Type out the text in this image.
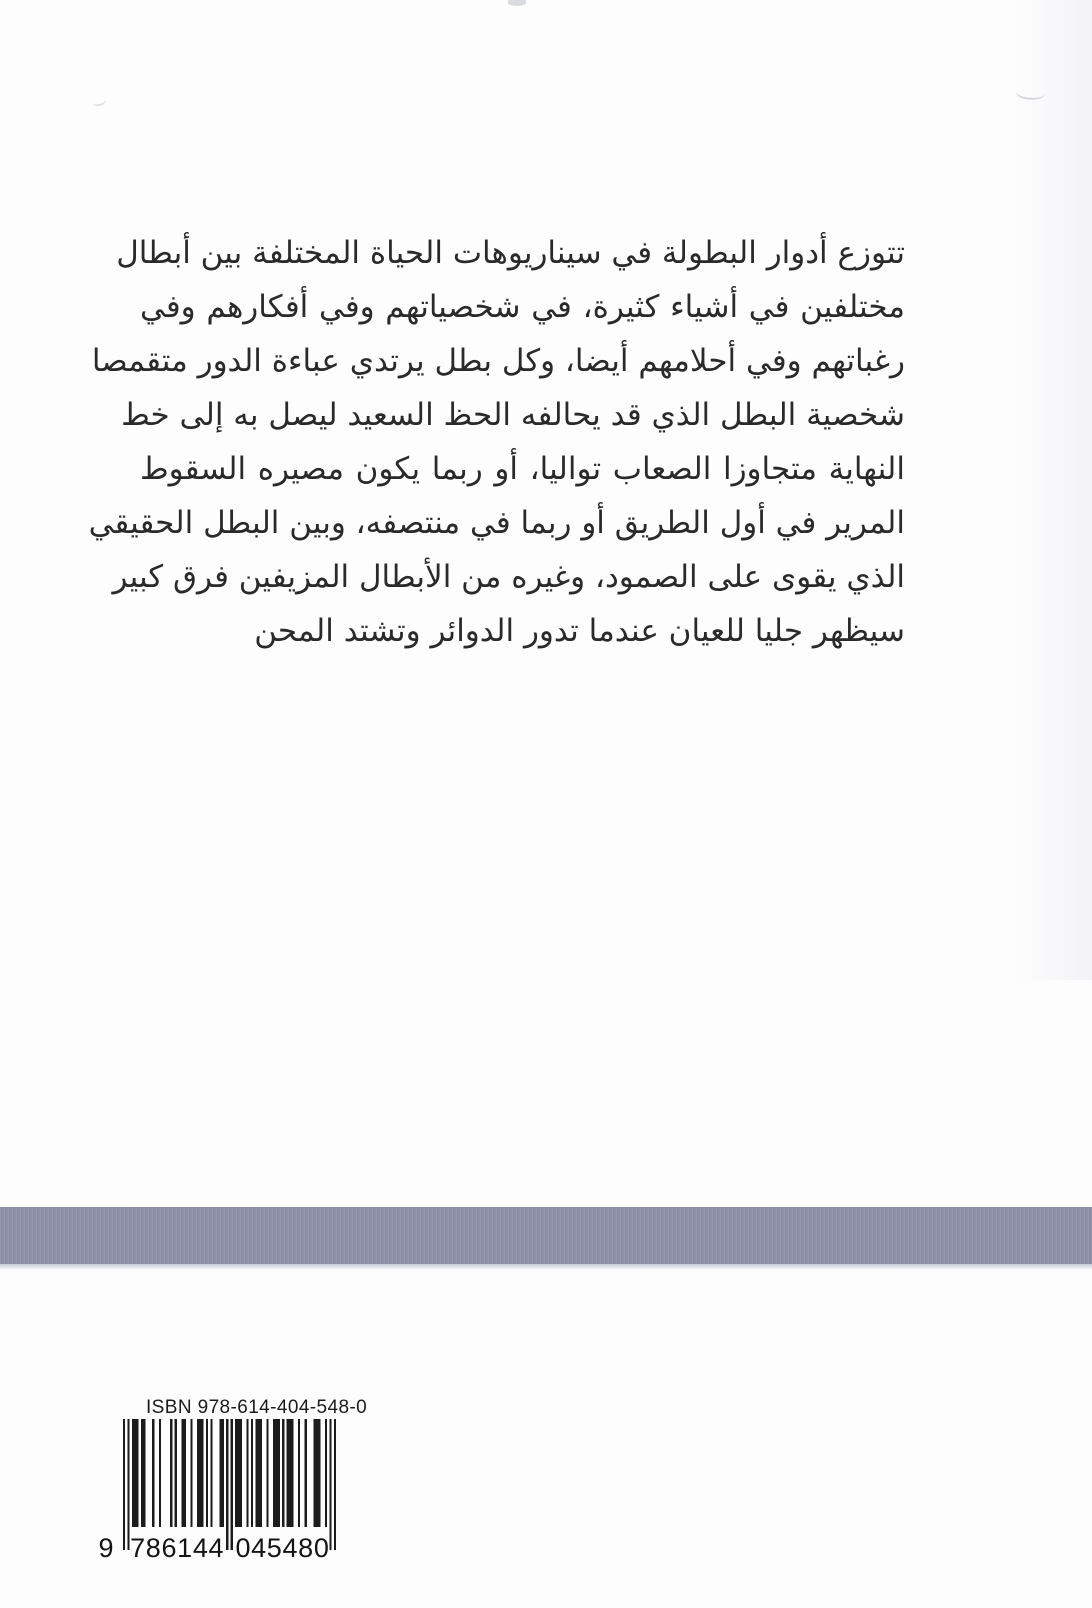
تتوزع أدوار البطولة في سيناريوهات الحياة المختلفة بين أبطال
مختلفين في أشياء كثيرة، في شخصياتهم وفي أفكارهم وفي
رغباتهم وفي أحلامهم أيضا، وكل بطل يرتدي عباءة الدور متقمصا
شخصية البطل الذي قد يحالفه الحظ السعيد ليصل به إلى خط
النهاية متجاوزا الصعاب تواليا، أو ربما يكون مصيره السقوط
المرير في أول الطريق أو ربما في منتصفه، وبين البطل الحقيقي
الذي يقوى على الصمود، وغيره من الأبطال المزيفين فرق كبير
سيظهر جليا للعيان عندما تدور الدوائر وتشتد المحن
ISBN 978-614-404-548-0
9 7 8 6 1 4 4 0 4 5 4 8 0
